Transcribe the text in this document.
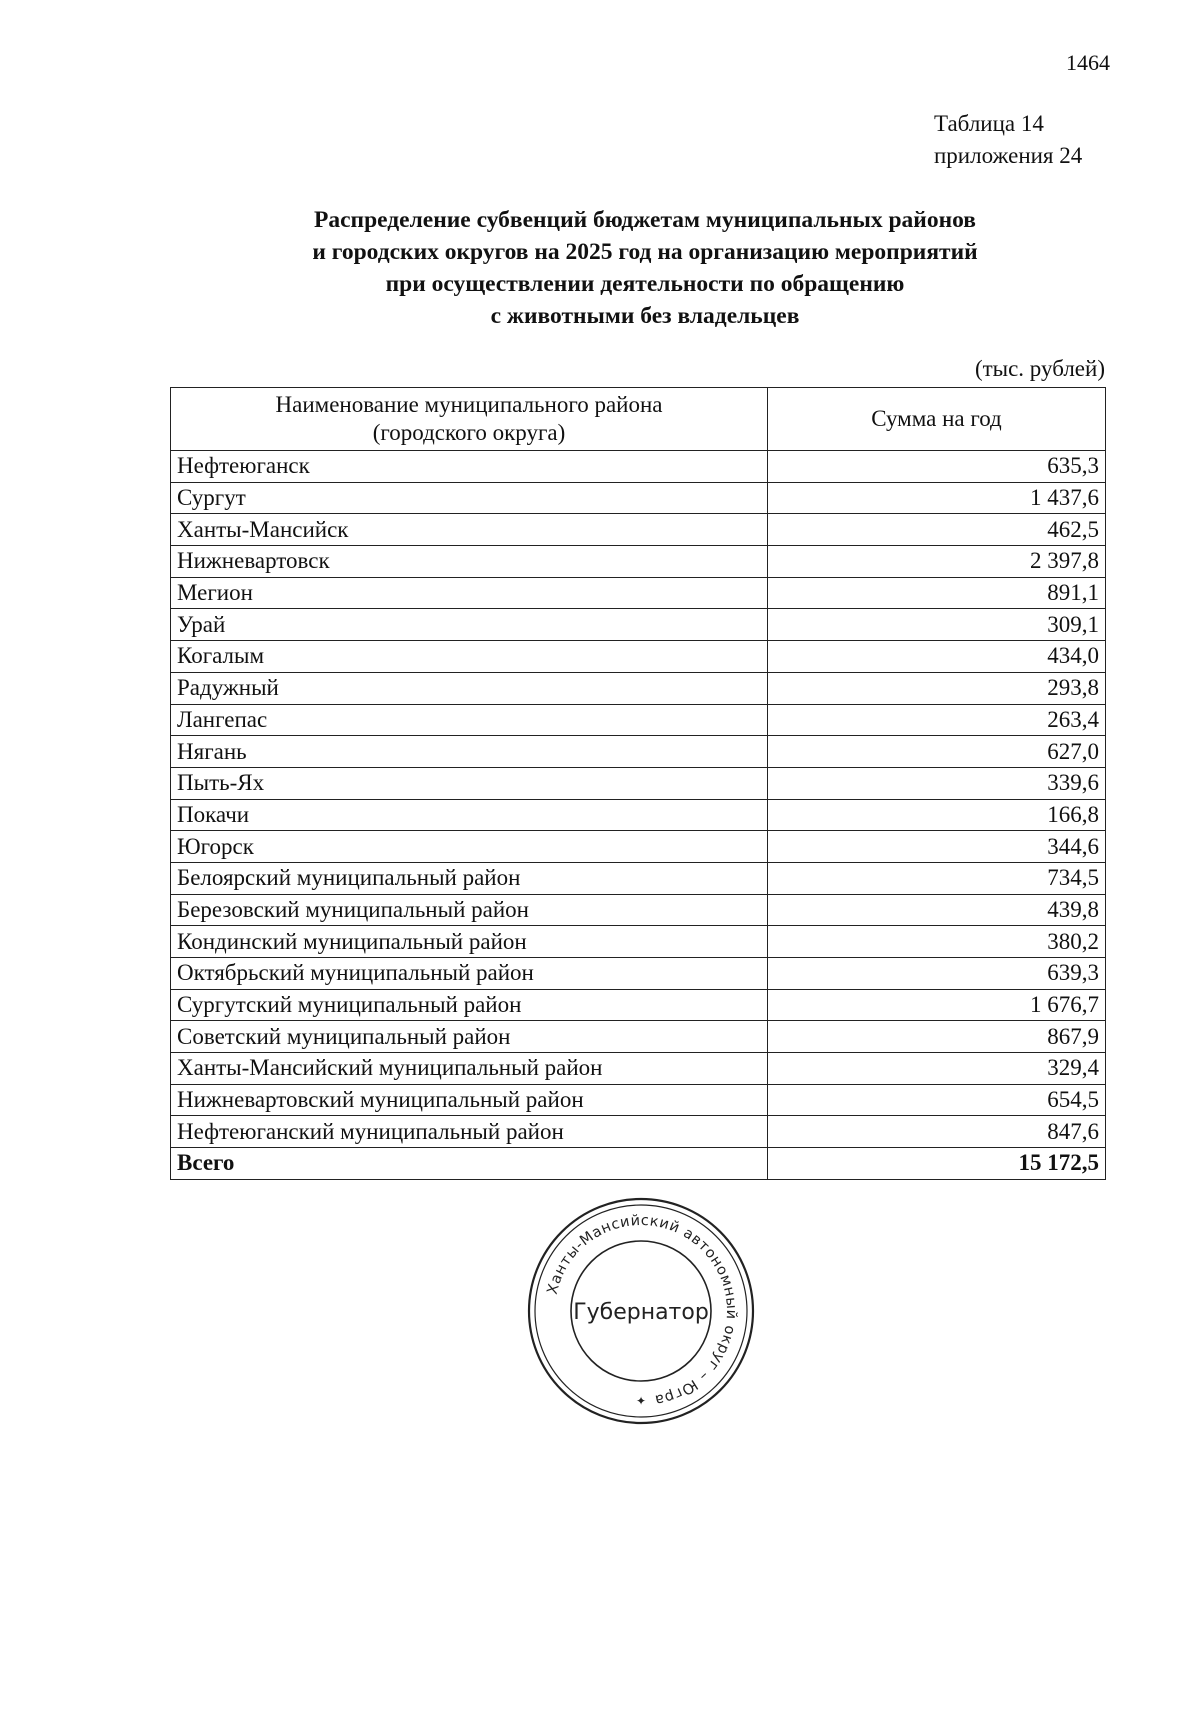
1464
Таблица 14
приложения 24
Распределение субвенций бюджетам муниципальных районов
и городских округов на 2025 год на организацию мероприятий
при осуществлении деятельности по обращению
с животными без владельцев
(тыс. рублей)
Наименование муниципального района
(городского округа)	Сумма на год
Нефтеюганск	635,3
Сургут	1 437,6
Ханты-Мансийск	462,5
Нижневартовск	2 397,8
Мегион	891,1
Урай	309,1
Когалым	434,0
Радужный	293,8
Лангепас	263,4
Нягань	627,0
Пыть-Ях	339,6
Покачи	166,8
Югорск	344,6
Белоярский муниципальный район	734,5
Березовский муниципальный район	439,8
Кондинский муниципальный район	380,2
Октябрьский муниципальный район	639,3
Сургутский муниципальный район	1 676,7
Советский муниципальный район	867,9
Ханты-Мансийский муниципальный район	329,4
Нижневартовский муниципальный район	654,5
Нефтеюганский муниципальный район	847,6
Всего	15 172,5
Ханты-Мансийский автономный округ – Югра
Губернатор
✦
